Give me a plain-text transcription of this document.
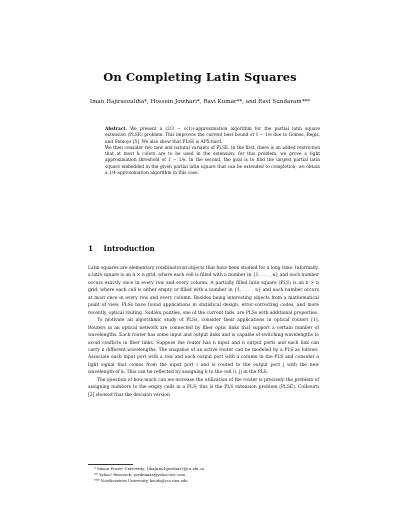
On Completing Latin Squares
Iman Hajirasouliha*, Hossein Jowhari*, Ravi Kumar**, and Ravi Sundaram***

Abstract. We present a (2/3 − o(1))-approximation algorithm for the partial latin square extension (PLSE) problem. This improves the current best bound of 1 − 1/e due to Gomes, Regis, and Shmoys [5]. We also show that PLSE is APX-hard.

We then consider two new and natural variants of PLSE. In the first, there is an added restriction that at most k colors are to be used in the extension; for this problem, we prove a tight approximation threshold of 1 − 1/e. In the second, the goal is to find the largest partial latin square embedded in the given partial latin square that can be extended to completion; we obtain a 1/4-approximation algorithm in this case.

1 Introduction

Latin squares are elementary combinatorial objects that have been studied for a long time. Informally, a latin square is an n × n grid, where each cell is filled with a number in {1, . . . , n} and each number occurs exactly once in every row and every column. A partially filled latin square (PLS) is an n × n grid, where each cell is either empty or filled with a number in {1, . . . , n} and each number occurs at most once in every row and every column. Besides being interesting objects from a mathematical point of view, PLSs have found applications in statistical design, error-correcting codes, and more recently, optical routing. Sudoku puzzles, one of the current fads, are PLSs with additional properties.

To motivate an algorithmic study of PLSs, consider their applications in optical routers [1]. Routers in an optical network are connected by fiber optic links that support a certain number of wavelengths. Each router has some input and output links and is capable of switching wavelengths to avoid conflicts in fiber links. Suppose the router has n input and n output ports and each link can carry n different wavelengths. The snapshot of an active router can be modeled by a PLS as follows. Associate each input port with a row and each output port with a column in the PLS and consider a light signal that comes from the input port i and is routed to the output port j with the new wavelength of k. This can be reflected by assigning k to the cell (i, j) in the PLS.

The question of how much can we increase the utilization of the router is precisely the problem of assigning numbers to the empty cells in a PLS; this is the PLS extension problem (PLSE). Colbourn [2] showed that the decision version

* Simon Fraser University, {ihajiras,hjowhari}@cs.sfu.ca

** Yahoo! Research, ravikumar@yahoo-inc.com

*** Northeastern University, koods@ccs.neu.edu
